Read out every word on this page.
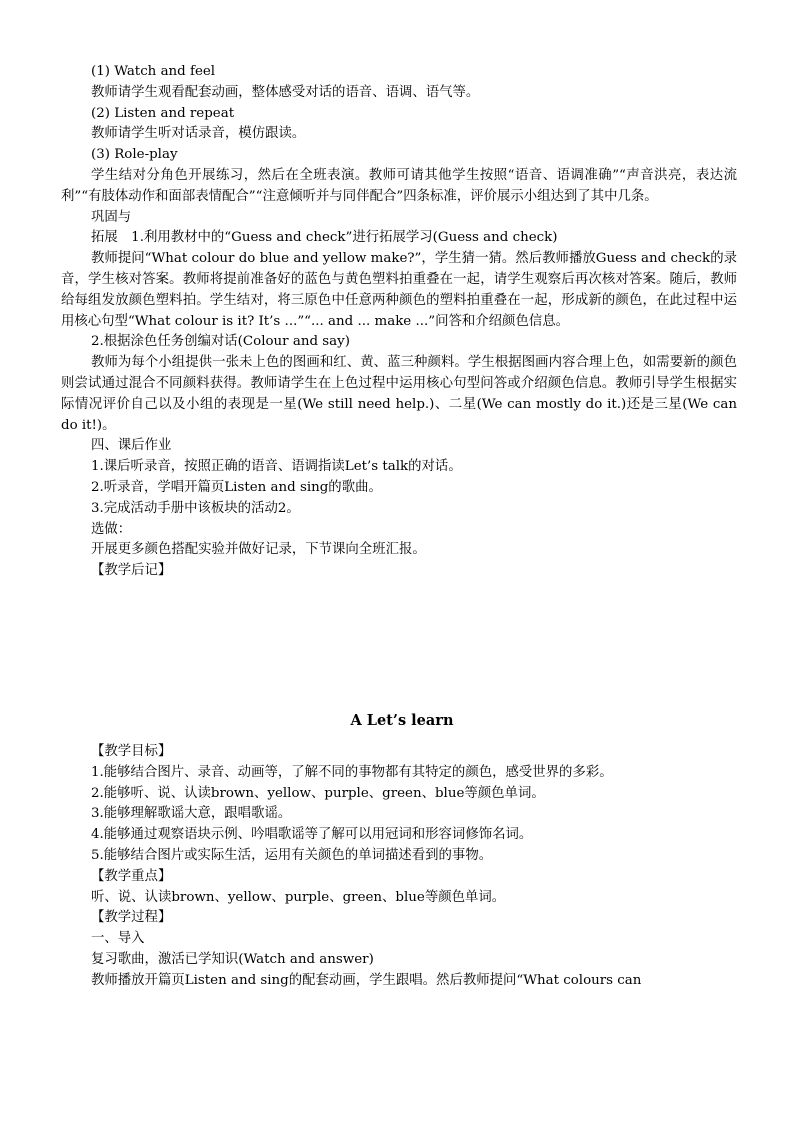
(1) Watch and feel

教师请学生观看配套动画，整体感受对话的语音、语调、语气等。

(2) Listen and repeat

教师请学生听对话录音，模仿跟读。

(3) Role-play

学生结对分角色开展练习，然后在全班表演。教师可请其他学生按照“语音、语调准确”“声音洪亮，表达流利”“有肢体动作和面部表情配合”“注意倾听并与同伴配合”四条标准，评价展示小组达到了其中几条。

巩固与

拓展　1.利用教材中的“Guess and check”进行拓展学习(Guess and check)

教师提问“What colour do blue and yellow make?”，学生猜一猜。然后教师播放Guess and check的录音，学生核对答案。教师将提前准备好的蓝色与黄色塑料拍重叠在一起，请学生观察后再次核对答案。随后，教师给每组发放颜色塑料拍。学生结对，将三原色中任意两种颜色的塑料拍重叠在一起，形成新的颜色，在此过程中运用核心句型“What colour is it? It’s ...”“... and ... make ...”问答和介绍颜色信息。

2.根据涂色任务创编对话(Colour and say)

教师为每个小组提供一张未上色的图画和红、黄、蓝三种颜料。学生根据图画内容合理上色，如需要新的颜色则尝试通过混合不同颜料获得。教师请学生在上色过程中运用核心句型问答或介绍颜色信息。教师引导学生根据实际情况评价自己以及小组的表现是一星(We still need help.)、二星(We can mostly do it.)还是三星(We can do it!)。

四、课后作业

1.课后听录音，按照正确的语音、语调指读Let’s talk的对话。

2.听录音，学唱开篇页Listen and sing的歌曲。

3.完成活动手册中该板块的活动2。

选做：

开展更多颜色搭配实验并做好记录，下节课向全班汇报。

【教学后记】

A Let’s learn

【教学目标】

1.能够结合图片、录音、动画等，了解不同的事物都有其特定的颜色，感受世界的多彩。

2.能够听、说、认读brown、yellow、purple、green、blue等颜色单词。

3.能够理解歌谣大意，跟唱歌谣。

4.能够通过观察语块示例、吟唱歌谣等了解可以用冠词和形容词修饰名词。

5.能够结合图片或实际生活，运用有关颜色的单词描述看到的事物。

【教学重点】

听、说、认读brown、yellow、purple、green、blue等颜色单词。

【教学过程】

一、导入

复习歌曲，激活已学知识(Watch and answer)

教师播放开篇页Listen and sing的配套动画，学生跟唱。然后教师提问“What colours can
